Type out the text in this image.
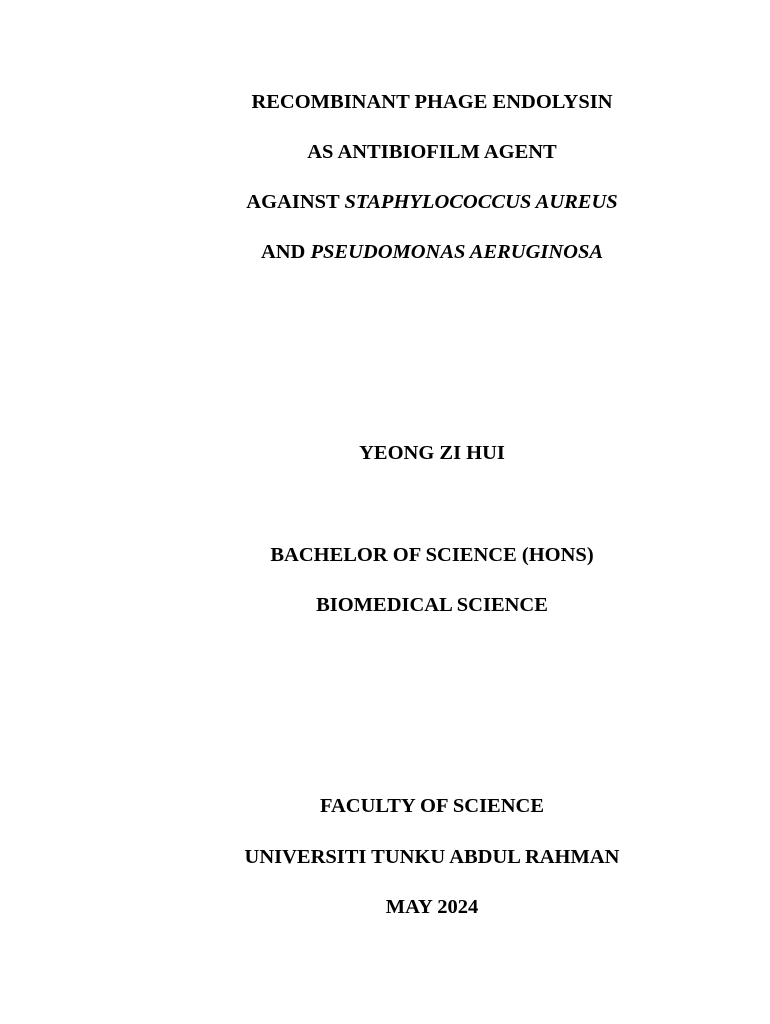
RECOMBINANT PHAGE ENDOLYSIN
AS ANTIBIOFILM AGENT
AGAINST STAPHYLOCOCCUS AUREUS
AND PSEUDOMONAS AERUGINOSA
YEONG ZI HUI
BACHELOR OF SCIENCE (HONS)
BIOMEDICAL SCIENCE
FACULTY OF SCIENCE
UNIVERSITI TUNKU ABDUL RAHMAN
MAY 2024
